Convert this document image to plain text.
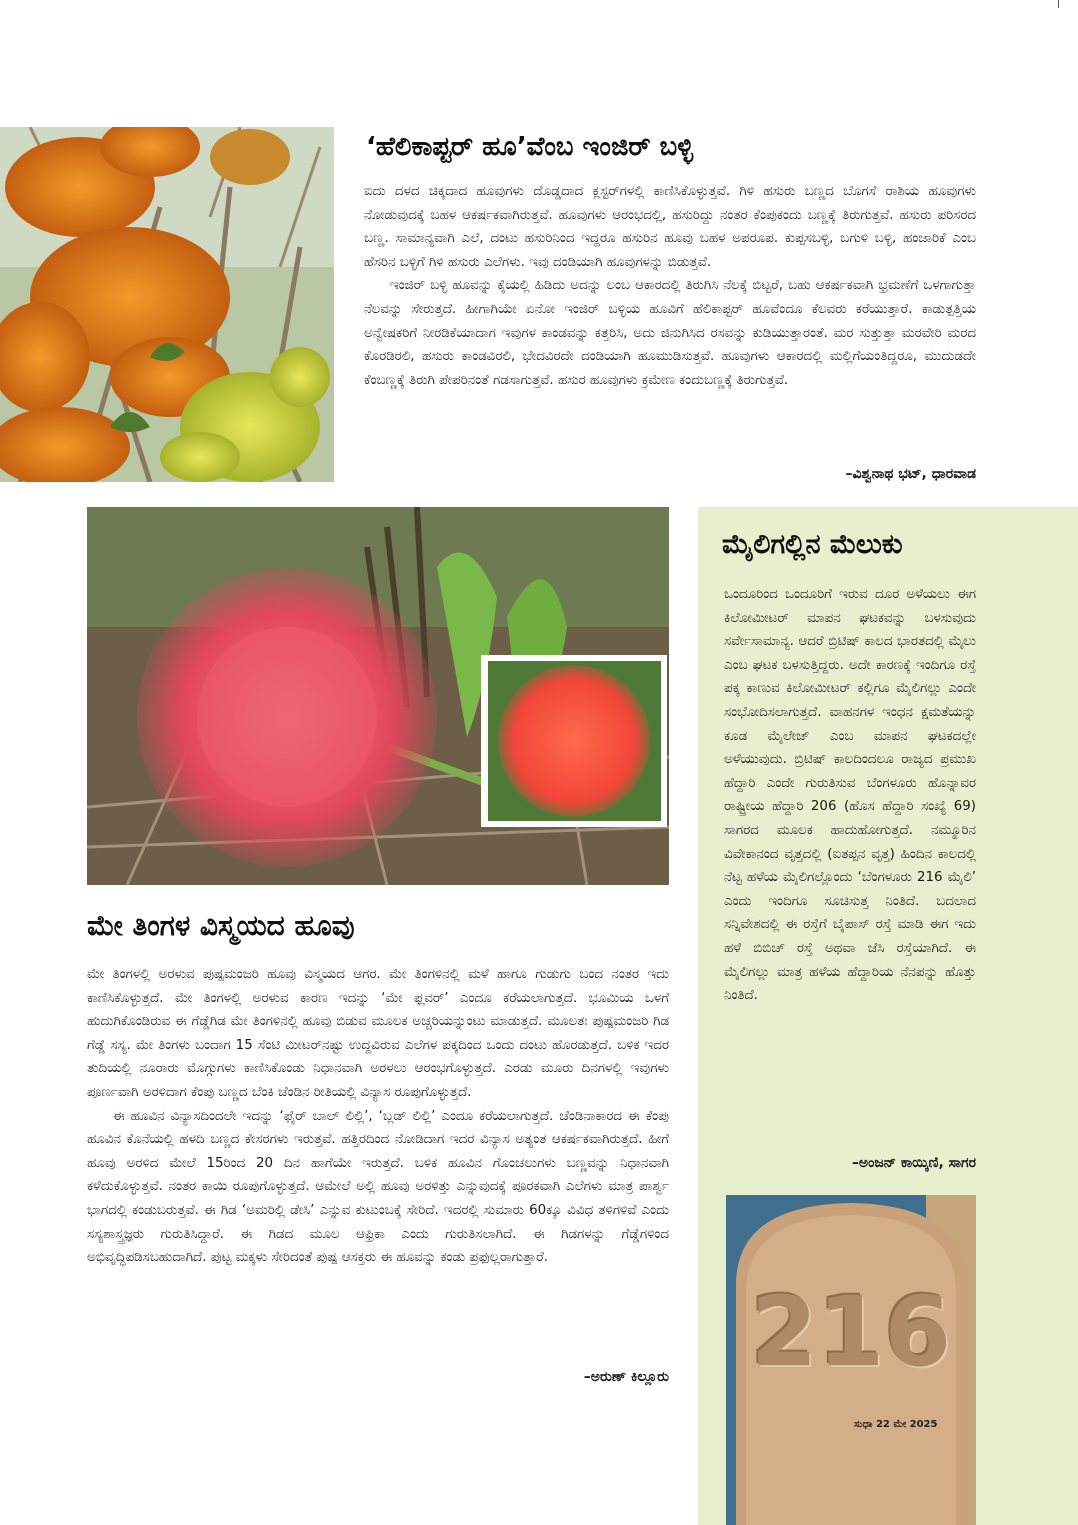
‘ಹೆಲಿಕಾಪ್ಟರ್ ಹೂ’ವೆಂಬ ಇಂಜಿರ್ ಬಳ್ಳಿ

ಐದು ದಳದ ಚಿಕ್ಕದಾದ ಹೂವುಗಳು ದೊಡ್ಡದಾದ ಕ್ಲಸ್ಟರ್‌ಗಳಲ್ಲಿ ಕಾಣಿಸಿಕೊಳ್ಳುತ್ತವೆ. ಗಿಳಿ ಹಸುರು ಬಣ್ಣದ ಬೊಗಸೆ ರಾಶಿಯ ಹೂವುಗಳು ನೋಡುವುದಕ್ಕೆ ಬಹಳ ಆಕರ್ಷಕವಾಗಿರುತ್ತವೆ. ಹೂವುಗಳು ಆರಂಭದಲ್ಲಿ, ಹಸುರಿದ್ದು ನಂತರ ಕೆಂಪುಕಂದು ಬಣ್ಣಕ್ಕೆ ತಿರುಗುತ್ತವೆ. ಹಸುರು ಪರಿಸರದ ಬಣ್ಣ. ಸಾಮಾನ್ಯವಾಗಿ ಎಲೆ, ದಂಟು ಹಸುರಿನಿಂದ ಇದ್ದರೂ ಹಸುರಿನ ಹೂವು ಬಹಳ ಅಪರೂಪ. ಕುಪ್ಪಸಬಳ್ಳಿ, ಬಗುಳಿ ಬಳ್ಳಿ, ಹಂಜಾರಿಕೆ ಎಂಬ ಹೆಸರಿನ ಬಳ್ಳಿಗೆ ಗಿಳಿ ಹಸುರು ಎಲೆಗಳು. ಇವು ದಂಡಿಯಾಗಿ ಹೂವುಗಳನ್ನು ಬಿಡುತ್ತವೆ.

ಇಂಜಿರ್ ಬಳ್ಳಿ ಹೂವನ್ನು ಕೈಯಲ್ಲಿ ಹಿಡಿದು ಅದನ್ನು ಲಂಬ ಆಕಾರದಲ್ಲಿ ತಿರುಗಿಸಿ ನೆಲಕ್ಕೆ ಬಿಟ್ಟರೆ, ಬಹು ಆಕರ್ಷಕವಾಗಿ ಭ್ರಮಣೆಗೆ ಒಳಗಾಗುತ್ತಾ ನೆಲವನ್ನು ಸೇರುತ್ತದೆ. ಹೀಗಾಗಿಯೇ ಏನೋ ಇಂಜಿರ್ ಬಳ್ಳಿಯ ಹೂವಿಗೆ ಹೆಲಿಕಾಪ್ಟರ್ ಹೂವೆಂದೂ ಕೆಲವರು ಕರೆಯುತ್ತಾರೆ. ಕಾಡುತ್ಪತ್ತಿಯ ಅನ್ವೇಷಕರಿಗೆ ನೀರಡಿಕೆಯಾದಾಗ ಇವುಗಳ ಕಾಂಡವನ್ನು ಕತ್ತರಿಸಿ, ಅದು ಜಿನುಗಿಸಿದ ರಸವನ್ನು ಕುಡಿಯುತ್ತಾರಂತೆ. ಮರ ಸುತ್ತುತ್ತಾ ಮರವೇರಿ ಮರದ ಕೊರಡಿರಲಿ, ಹಸುರು ಕಾಂಡವಿರಲಿ, ಭೇದವಿರದೇ ದಂಡಿಯಾಗಿ ಹೂಮುಡಿಸುತ್ತವೆ. ಹೂವುಗಳು ಆಕಾರದಲ್ಲಿ ಮಲ್ಲಿಗೆಯಂತಿದ್ದರೂ, ಮುದುಡದೇ ಕೆಂಬಣ್ಣಕ್ಕೆ ತಿರುಗಿ ಪೇಪರಿನಂತೆ ಗಡಸಾಗುತ್ತವೆ. ಹಸುರ ಹೂವುಗಳು ಕ್ರಮೇಣ ಕಂದುಬಣ್ಣಕ್ಕೆ ತಿರುಗುತ್ತವೆ.

–ವಿಶ್ವನಾಥ ಭಟ್, ಧಾರವಾಡ
ಮೇ ತಿಂಗಳ ವಿಸ್ಮಯದ ಹೂವು

ಮೇ ತಿಂಗಳಲ್ಲಿ ಅರಳುವ ಪುಷ್ಪಮಂಜರಿ ಹೂವು ವಿಸ್ಮಯದ ಆಗರ. ಮೇ ತಿಂಗಳಿನಲ್ಲಿ ಮಳೆ ಹಾಗೂ ಗುಡುಗು ಬಂದ ನಂತರ ಇದು ಕಾಣಿಸಿಕೊಳ್ಳುತ್ತದೆ. ಮೇ ತಿಂಗಳಲ್ಲಿ ಅರಳುವ ಕಾರಣ ಇದನ್ನು ‘ಮೇ ಫ್ಲವರ್’ ಎಂದೂ ಕರೆಯಲಾಗುತ್ತದೆ. ಭೂಮಿಯ ಒಳಗೆ ಹುದುಗಿಕೊಂಡಿರುವ ಈ ಗೆಡ್ಡೆಗಿಡ ಮೇ ತಿಂಗಳಿನಲ್ಲಿ ಹೂವು ಬಿಡುವ ಮೂಲಕ ಅಚ್ಚರಿಯನ್ನುಂಟು ಮಾಡುತ್ತದೆ. ಮೂಲತಃ ಪುಷ್ಪಮಂಜರಿ ಗಿಡ ಗೆಡ್ಡೆ ಸಸ್ಯ. ಮೇ ತಿಂಗಳು ಬಂದಾಗ 15 ಸೆಂಟಿ ಮೀಟರ್‌ನಷ್ಟು ಉದ್ದವಿರುವ ಎಲೆಗಳ ಪಕ್ಕದಿಂದ ಒಂದು ದಂಟು ಹೊರಡುತ್ತದೆ. ಬಳಿಕ ಇದರ ತುದಿಯಲ್ಲಿ ನೂರಾರು ಮೊಗ್ಗುಗಳು ಕಾಣಿಸಿಕೊಂಡು ನಿಧಾನವಾಗಿ ಅರಳಲು ಆರಂಭಗೊಳ್ಳುತ್ತದೆ. ಎರಡು ಮೂರು ದಿನಗಳಲ್ಲಿ ಇವುಗಳು ಪೂರ್ಣವಾಗಿ ಅರಳಿದಾಗ ಕೆಂಪು ಬಣ್ಣದ ಬೆಂಕಿ ಚೆಂಡಿನ ರೀತಿಯಲ್ಲಿ ವಿನ್ಯಾಸ ರೂಪುಗೊಳ್ಳುತ್ತದೆ.

ಈ ಹೂವಿನ ವಿನ್ಯಾಸದಿಂದಲೇ ಇದನ್ನು ‘ಫೈರ್ ಬಾಲ್ ಲಿಲ್ಲಿ’, ‘ಬ್ಲಡ್ ಲಿಲ್ಲಿ’ ಎಂದೂ ಕರೆಯಲಾಗುತ್ತದೆ. ಚೆಂಡಿನಾಕಾರದ ಈ ಕೆಂಪು ಹೂವಿನ ಕೊನೆಯಲ್ಲಿ ಹಳದಿ ಬಣ್ಣದ ಕೇಸರಗಳು ಇರುತ್ತವೆ. ಹತ್ತಿರದಿಂದ ನೋಡಿದಾಗ ಇದರ ವಿನ್ಯಾಸ ಅತ್ಯಂತ ಆಕರ್ಷಕವಾಗಿರುತ್ತದೆ. ಹೀಗೆ ಹೂವು ಅರಳಿದ ಮೇಲೆ 15ರಿಂದ 20 ದಿನ ಹಾಗೆಯೇ ಇರುತ್ತದೆ. ಬಳಿಕ ಹೂವಿನ ಗೊಂಚಲುಗಳು ಬಣ್ಣವನ್ನು ನಿಧಾನವಾಗಿ ಕಳೆದುಕೊಳ್ಳುತ್ತವೆ. ನಂತರ ಕಾಯಿ ರೂಪುಗೊಳ್ಳುತ್ತದೆ. ಆಮೇಲೆ ಅಲ್ಲಿ ಹೂವು ಅರಳಿತ್ತು ಎನ್ನುವುದಕ್ಕೆ ಪೂರಕವಾಗಿ ಎಲೆಗಳು ಮಾತ್ರ ಪಾರ್ಶ್ವ ಭಾಗದಲ್ಲಿ ಕಂಡುಬರುತ್ತವೆ. ಈ ಗಿಡ ‘ಅಮರಿಲ್ಲಿ ಡೇಸಿ’ ಎನ್ನುವ ಕುಟುಂಬಕ್ಕೆ ಸೇರಿದೆ. ಇದರಲ್ಲಿ ಸುಮಾರು 60ಕ್ಕೂ ವಿವಿಧ ತಳಿಗಳಿವೆ ಎಂದು ಸಸ್ಯಶಾಸ್ತ್ರಜ್ಞರು ಗುರುತಿಸಿದ್ದಾರೆ. ಈ ಗಿಡದ ಮೂಲ ಆಫ್ರಿಕಾ ಎಂದು ಗುರುತಿಸಲಾಗಿದೆ. ಈ ಗಿಡಗಳನ್ನು ಗೆಡ್ಡೆಗಳಿಂದ ಅಭಿವೃದ್ಧಿಪಡಿಸಬಹುದಾಗಿದೆ. ಪುಟ್ಟ ಮಕ್ಕಳು ಸೇರಿದಂತೆ ಪುಷ್ಪ ಆಸಕ್ತರು ಈ ಹೂವನ್ನು ಕಂಡು ಪ್ರಫುಲ್ಲರಾಗುತ್ತಾರೆ.

–ಅರುಣ್ ಕಿಲ್ಲೂರು
ಮೈಲಿಗಲ್ಲಿನ ಮೆಲುಕು

ಒಂದೂರಿಂದ ಒಂದೂರಿಗೆ ಇರುವ ದೂರ ಅಳೆಯಲು ಈಗ ಕಿಲೋಮೀಟರ್ ಮಾಪನ ಘಟಕವನ್ನು ಬಳಸುವುದು ಸರ್ವೇಸಾಮಾನ್ಯ. ಆದರೆ ಬ್ರಿಟಿಷ್ ಕಾಲದ ಭಾರತದಲ್ಲಿ ಮೈಲು ಎಂಬ ಘಟಕ ಬಳಸುತ್ತಿದ್ದರು. ಅದೇ ಕಾರಣಕ್ಕೆ ಇಂದಿಗೂ ರಸ್ತೆ ಪಕ್ಕ ಕಾಣುವ ಕಿಲೋಮೀಟರ್ ಕಲ್ಲಿಗೂ ಮೈಲಿಗಲ್ಲು ಎಂದೇ ಸಂಭೋದಿಸಲಾಗುತ್ತದೆ. ವಾಹನಗಳ ಇಂಧನ ಕ್ಷಮತೆಯನ್ನು ಕೂಡ ಮೈಲೇಜ್ ಎಂಬ ಮಾಪನ ಘಟಕದಲ್ಲೇ ಅಳೆಯುವುದು. ಬ್ರಿಟಿಷ್ ಕಾಲದಿಂದಲೂ ರಾಜ್ಯದ ಪ್ರಮುಖ ಹೆದ್ದಾರಿ ಎಂದೇ ಗುರುತಿಸುವ ಬೆಂಗಳೂರು ಹೊನ್ನಾವರ ರಾಷ್ಟ್ರೀಯ ಹೆದ್ದಾರಿ 206 (ಹೊಸ ಹೆದ್ದಾರಿ ಸಂಖ್ಯೆ 69) ಸಾಗರದ ಮೂಲಕ ಹಾದುಹೋಗುತ್ತದೆ. ನಮ್ಮೂರಿನ ವಿವೇಕಾನಂದ ವೃತ್ತದಲ್ಲಿ (ಐತಪ್ಪನ ವೃತ್ತ) ಹಿಂದಿನ ಕಾಲದಲ್ಲಿ ನೆಟ್ಟ ಹಳೆಯ ಮೈಲಿಗಲ್ಲೊಂದು ‘ಬೆಂಗಳೂರು 216 ಮೈಲಿ’ ಎಂದು ಇಂದಿಗೂ ಸೂಚಿಸುತ್ತ ನಿಂತಿದೆ. ಬದಲಾದ ಸನ್ನಿವೇಶದಲ್ಲಿ ಈ ರಸ್ತೆಗೆ ಬೈಪಾಸ್ ರಸ್ತೆ ಮಾಡಿ ಈಗ ಇದು ಹಳೆ ಬಿಬಿಚ್ ರಸ್ತೆ ಅಥವಾ ಜೆಸಿ ರಸ್ತೆಯಾಗಿದೆ. ಈ ಮೈಲಿಗಲ್ಲು ಮಾತ್ರ ಹಳೆಯ ಹೆದ್ದಾರಿಯ ನೆನಪನ್ನು ಹೊತ್ತು ನಿಂತಿದೆ.

–ಅಂಜನ್ ಕಾಯ್ಕಿಣಿ, ಸಾಗರ
216
ಸುಧಾ 22 ಮೇ 2025
